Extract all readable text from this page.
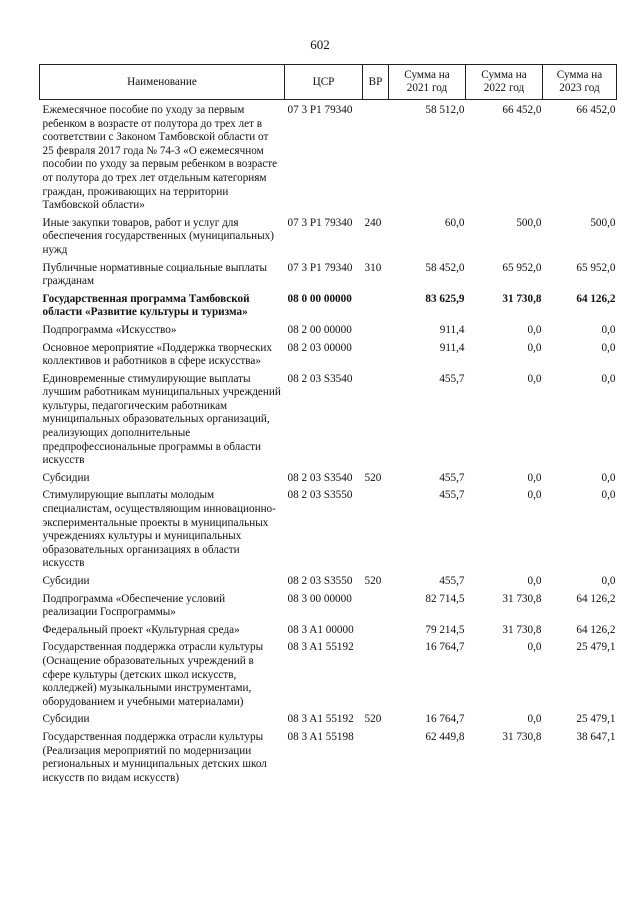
602
Наименование	ЦСР	ВР	Сумма на 2021 год	Сумма на 2022 год	Сумма на 2023 год
Ежемесячное пособие по уходу за первым ребенком в возрасте от полутора до трех лет в соответствии с Законом Тамбовской области от 25 февраля 2017 года № 74-З «О ежемесячном пособии по уходу за первым ребенком в возрасте от полутора до трех лет отдельным категориям граждан, проживающих на территории Тамбовской области»	07 3 P1 79340		58 512,0	66 452,0	66 452,0
Иные закупки товаров, работ и услуг для обеспечения государственных (муниципальных) нужд	07 3 P1 79340	240	60,0	500,0	500,0
Публичные нормативные социальные выплаты гражданам	07 3 P1 79340	310	58 452,0	65 952,0	65 952,0
Государственная программа Тамбовской области «Развитие культуры и туризма»	08 0 00 00000		83 625,9	31 730,8	64 126,2
Подпрограмма «Искусство»	08 2 00 00000		911,4	0,0	0,0
Основное мероприятие «Поддержка творческих коллективов и работников в сфере искусства»	08 2 03 00000		911,4	0,0	0,0
Единовременные стимулирующие выплаты лучшим работникам муниципальных учреждений культуры, педагогическим работникам муниципальных образовательных организаций, реализующих дополнительные предпрофессиональные программы в области искусств	08 2 03 S3540		455,7	0,0	0,0
Субсидии	08 2 03 S3540	520	455,7	0,0	0,0
Стимулирующие выплаты молодым специалистам, осуществляющим инновационно-экспериментальные проекты в муниципальных учреждениях культуры и муниципальных образовательных организациях в области искусств	08 2 03 S3550		455,7	0,0	0,0
Субсидии	08 2 03 S3550	520	455,7	0,0	0,0
Подпрограмма «Обеспечение условий реализации Госпрограммы»	08 3 00 00000		82 714,5	31 730,8	64 126,2
Федеральный проект «Культурная среда»	08 3 A1 00000		79 214,5	31 730,8	64 126,2
Государственная поддержка отрасли культуры (Оснащение образовательных учреждений в сфере культуры (детских школ искусств, колледжей) музыкальными инструментами, оборудованием и учебными материалами)	08 3 A1 55192		16 764,7	0,0	25 479,1
Субсидии	08 3 A1 55192	520	16 764,7	0,0	25 479,1
Государственная поддержка отрасли культуры (Реализация мероприятий по модернизации региональных и муниципальных детских школ искусств по видам искусств)	08 3 A1 55198		62 449,8	31 730,8	38 647,1
